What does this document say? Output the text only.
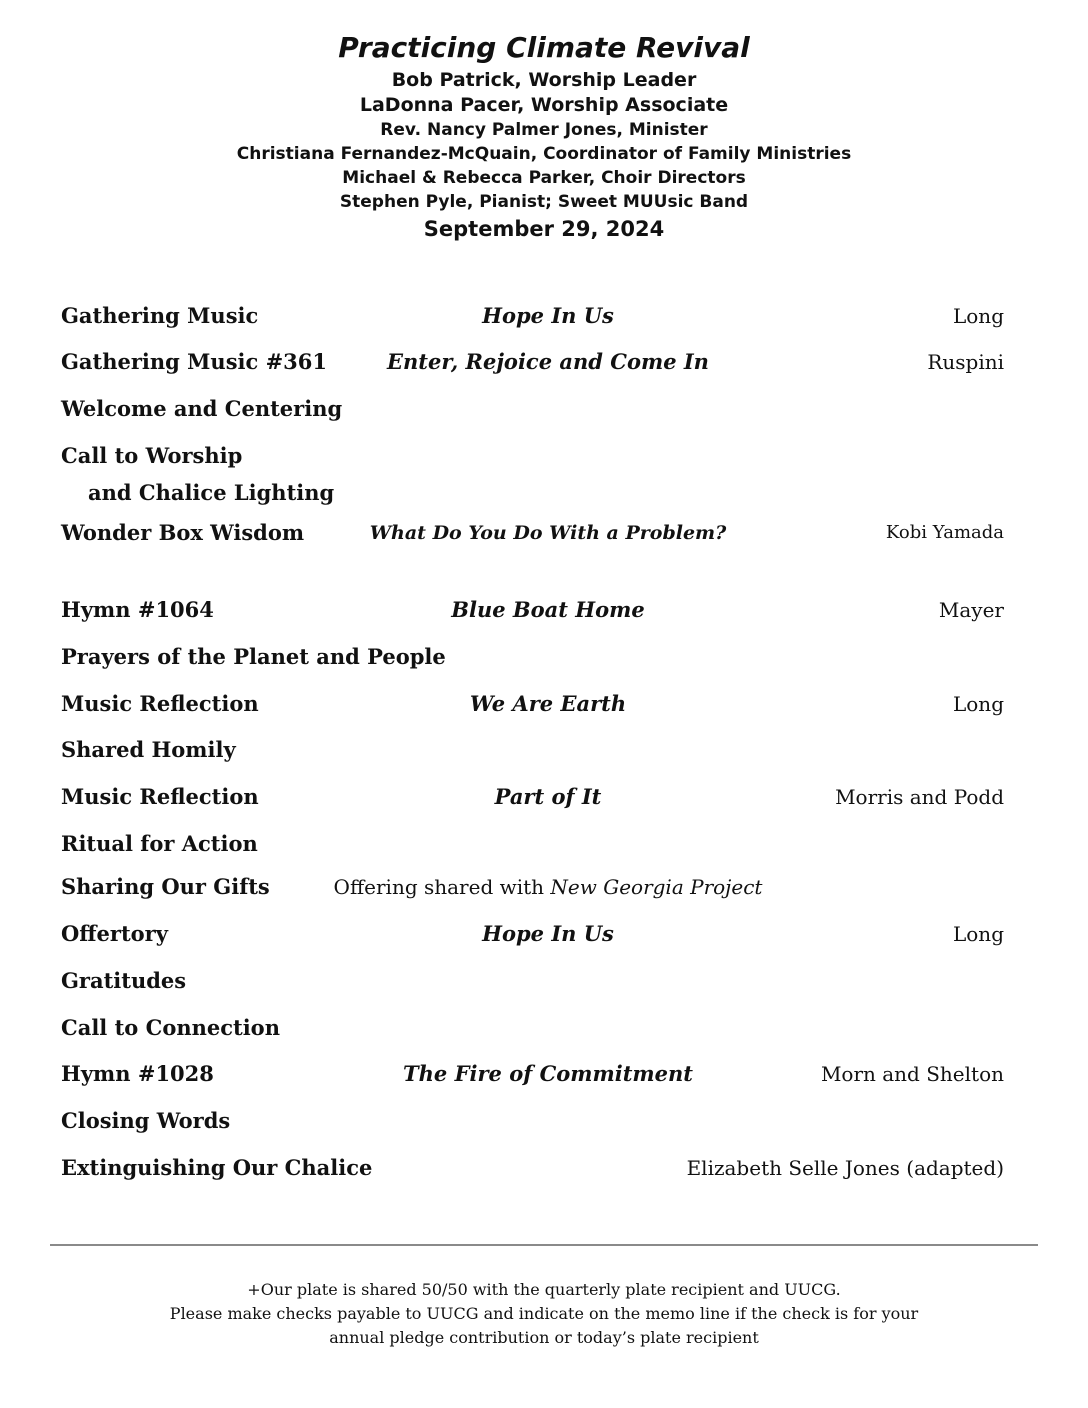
Practicing Climate Revival
Bob Patrick, Worship Leader
LaDonna Pacer, Worship Associate
Rev. Nancy Palmer Jones, Minister
Christiana Fernandez-McQuain, Coordinator of Family Ministries
Michael & Rebecca Parker, Choir Directors
Stephen Pyle, Pianist; Sweet MUUsic Band
September 29, 2024
Gathering Music	Hope In Us	Long
Gathering Music #361	Enter, Rejoice and Come In	Ruspini
Welcome and Centering
Call to Worship
and Chalice Lighting
Wonder Box Wisdom	What Do You Do With a Problem?	Kobi Yamada
Hymn #1064	Blue Boat Home	Mayer
Prayers of the Planet and People
Music Reflection	We Are Earth	Long
Shared Homily
Music Reflection	Part of It	Morris and Podd
Ritual for Action
Sharing Our Gifts	Offering shared with New Georgia Project
Offertory	Hope In Us	Long
Gratitudes
Call to Connection
Hymn #1028	The Fire of Commitment	Morn and Shelton
Closing Words
Extinguishing Our Chalice	Elizabeth Selle Jones (adapted)
+Our plate is shared 50/50 with the quarterly plate recipient and UUCG.
Please make checks payable to UUCG and indicate on the memo line if the check is for your
annual pledge contribution or today’s plate recipient
